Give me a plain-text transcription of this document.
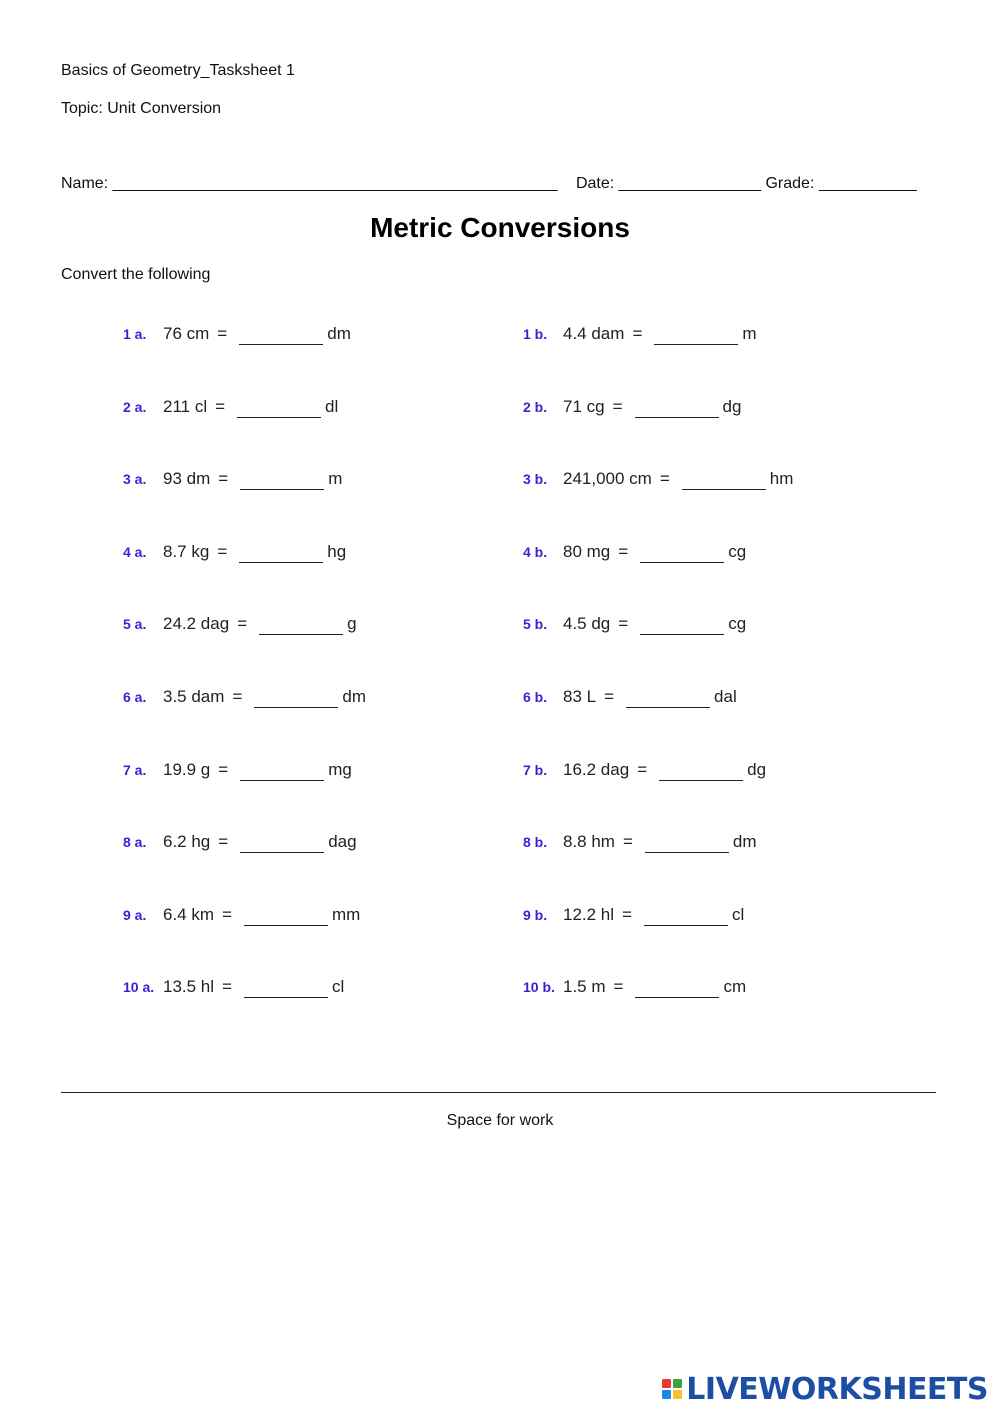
Basics of Geometry_Tasksheet 1
Topic: Unit Conversion
Name: __________________________________________________ Date: ________________ Grade: ___________
Metric Conversions
Convert the following
1 a. 76 cm =	dm	1 b. 4.4 dam =	m
2 a. 211 cl =	dl	2 b. 71 cg =	dg
3 a. 93 dm =	m	3 b. 241,000 cm =	hm
4 a. 8.7 kg =	hg	4 b. 80 mg =	cg
5 a. 24.2 dag =	g	5 b. 4.5 dg =	cg
6 a. 3.5 dam =	dm	6 b. 83 L =	dal
7 a. 19.9 g =	mg	7 b. 16.2 dag =	dg
8 a. 6.2 hg =	dag	8 b. 8.8 hm =	dm
9 a. 6.4 km =	mm	9 b. 12.2 hl =	cl
10 a. 13.5 hl =	cl	10 b. 1.5 m =	cm
Space for work
LIVEWORKSHEETS
